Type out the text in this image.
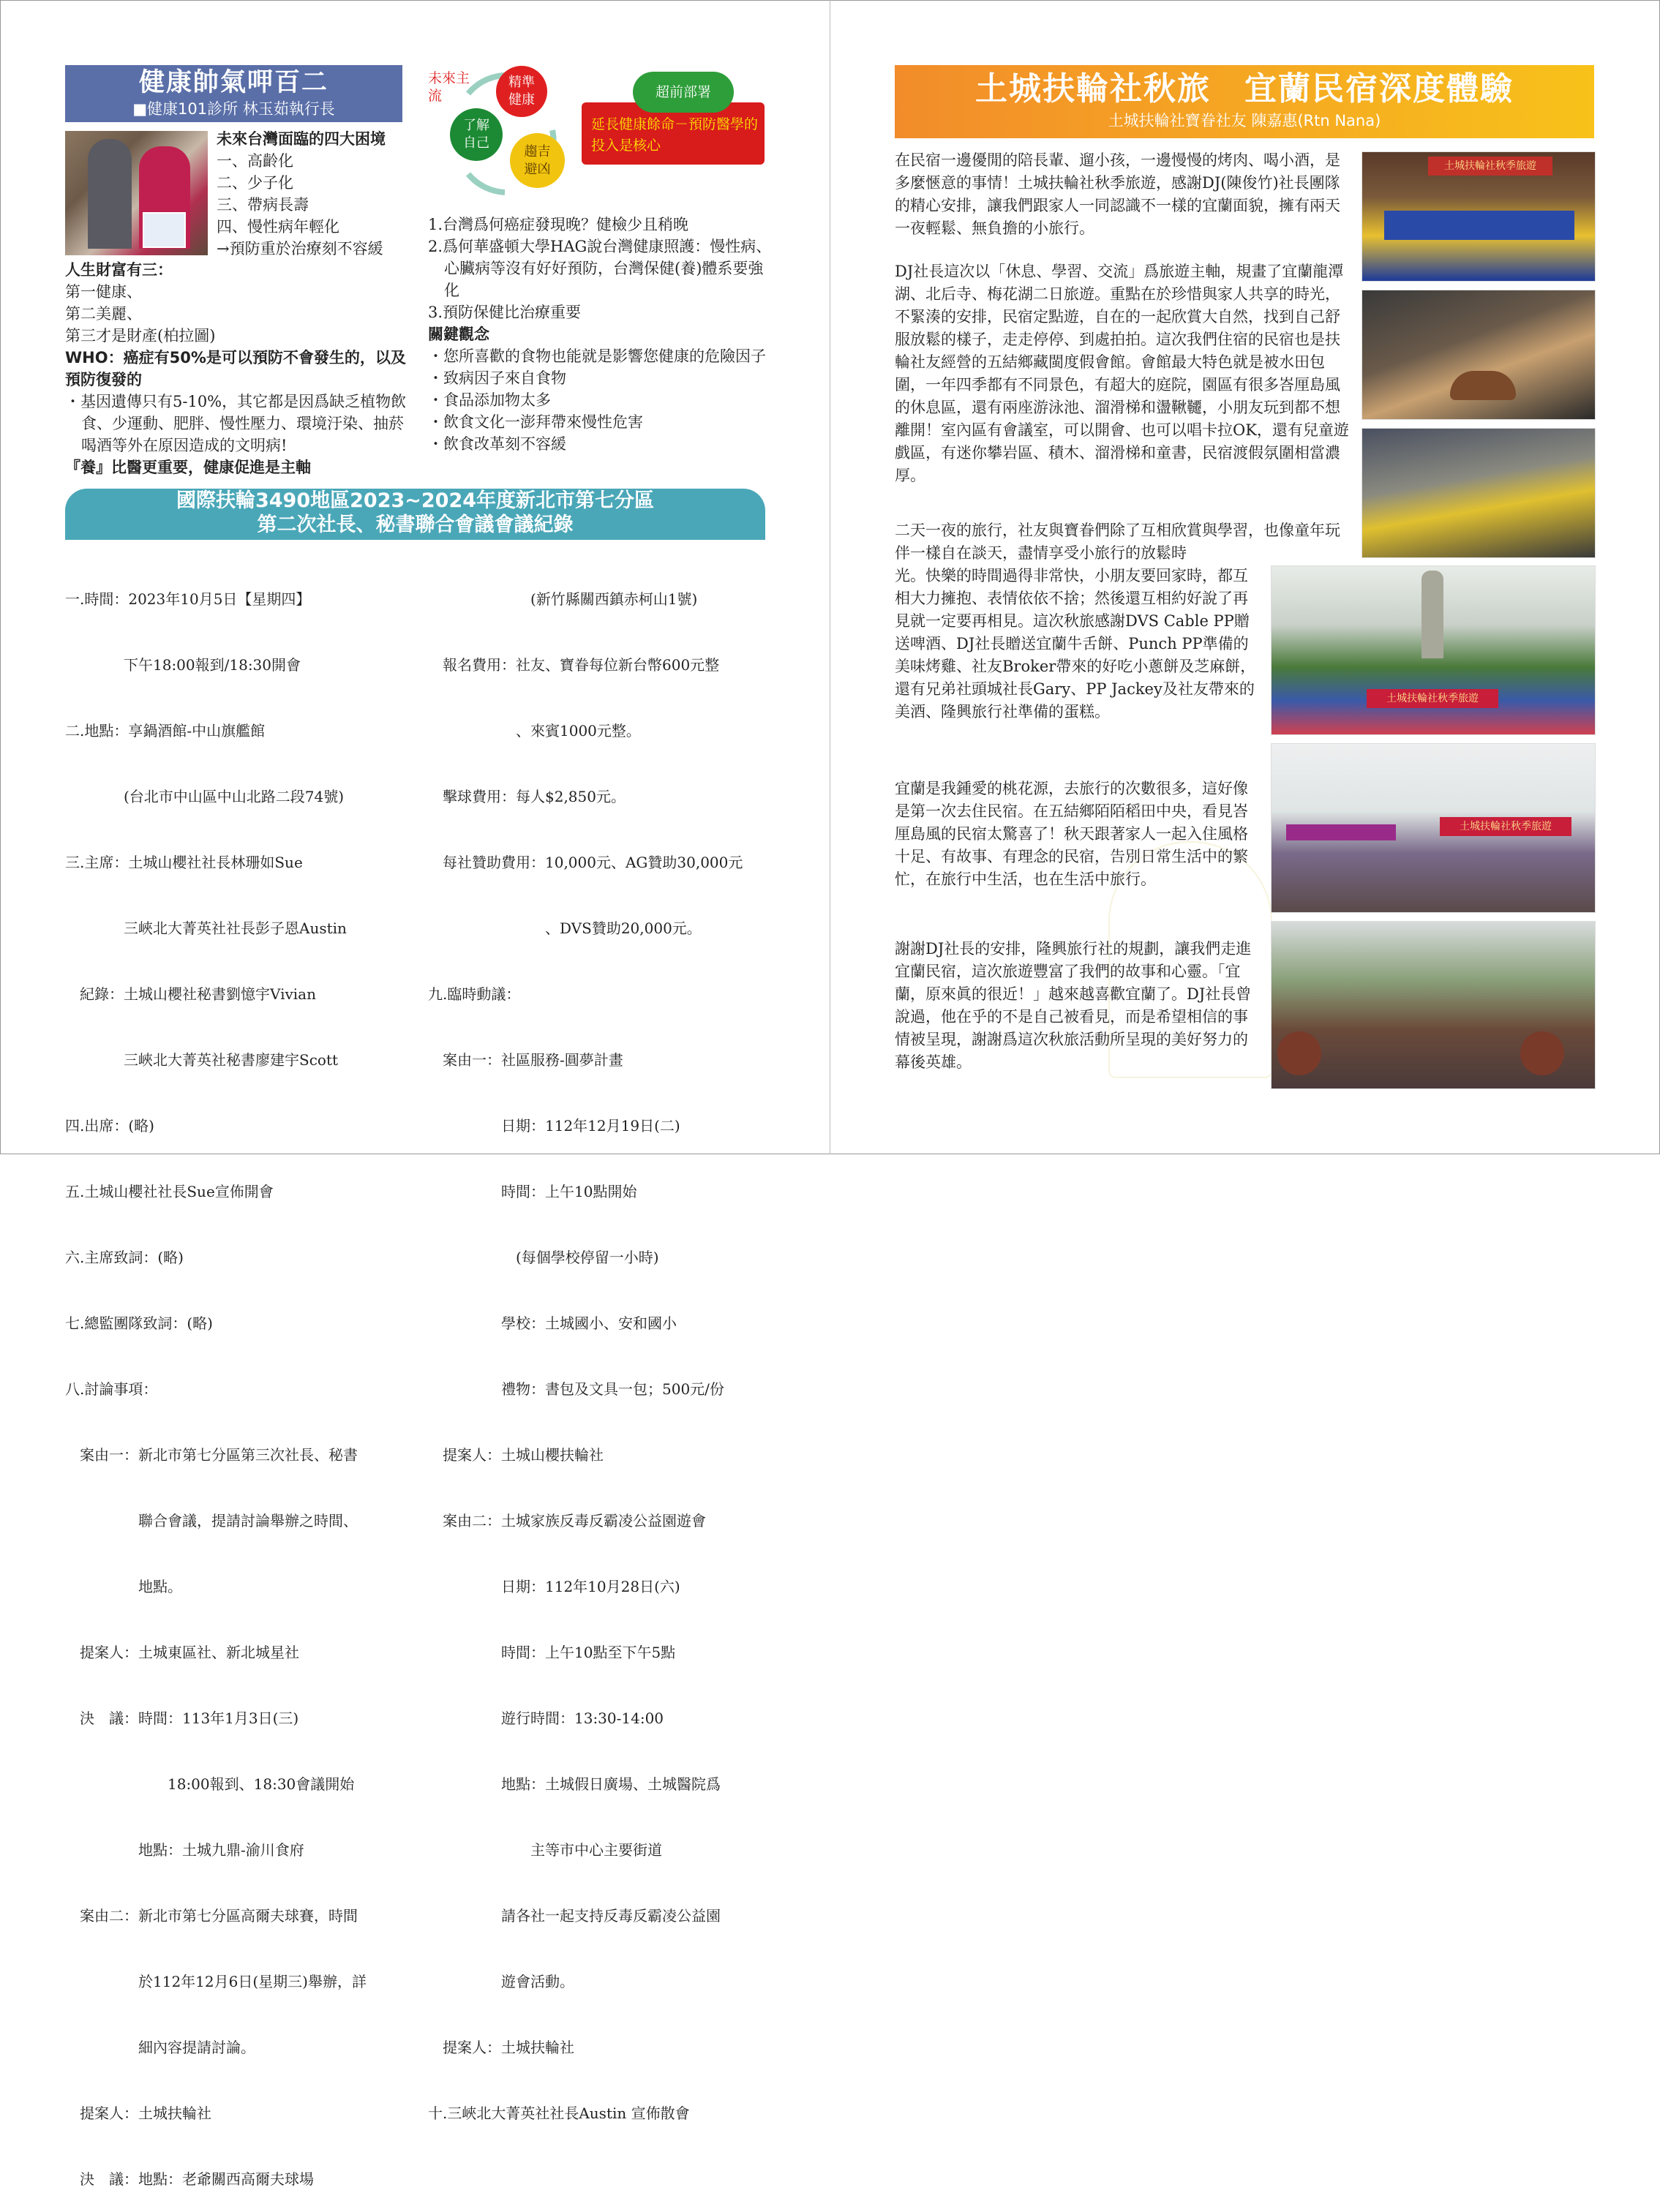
健康帥氣呷百二
■健康101診所 林玉茹執行長
未來台灣面臨的四大困境
一、高齡化
二、少子化
三、帶病長壽
四、慢性病年輕化
→預防重於治療刻不容緩
人生財富有三：
第一健康、
第二美麗、
第三才是財產(柏拉圖)
WHO：癌症有50%是可以預防不會發生的，以及預防復發的
・基因遺傳只有5-10%，其它都是因爲缺乏植物飲食、少運動、肥胖、慢性壓力、環境汙染、抽菸喝酒等外在原因造成的文明病!
『養』比醫更重要，健康促進是主軸
未來主流
精準健康
了解自己
趨吉避凶
延長健康餘命－預防醫學的投入是核心
超前部署
1.台灣爲何癌症發現晚？健檢少且稍晚
2.爲何華盛頓大學HAG說台灣健康照護：慢性病、心臟病等沒有好好預防，台灣保健(養)體系要強化
3.預防保健比治療重要
關鍵觀念
・您所喜歡的食物也能就是影響您健康的危險因子
・致病因子來自食物
・食品添加物太多
・飲食文化一澎拜帶來慢性危害
・飲食改革刻不容緩
國際扶輪3490地區2023~2024年度新北市第七分區
第二次社長、秘書聯合會議會議紀錄

一.時間：2023年10月5日【星期四】

　　　　下午18:00報到/18:30開會

二.地點：享鍋酒館-中山旗艦館

　　　　(台北市中山區中山北路二段74號)

三.主席：土城山櫻社社長林珊如Sue

　　　　三峽北大菁英社社長彭子恩Austin

　紀錄：土城山櫻社秘書劉憶宇Vivian

　　　　三峽北大菁英社秘書廖建宇Scott

四.出席：(略)

五.土城山櫻社社長Sue宣佈開會

六.主席致詞：(略)

七.總監團隊致詞：(略)

八.討論事項：

　案由一：新北市第七分區第三次社長、秘書

　　　　　聯合會議，提請討論舉辦之時間、

　　　　　地點。

　提案人：土城東區社、新北城星社

　決　議：時間：113年1月3日(三)

　　　　　　　18:00報到、18:30會議開始

　　　　　地點：土城九鼎-渝川食府

　案由二：新北市第七分區高爾夫球賽，時間

　　　　　於112年12月6日(星期三)舉辦，詳

　　　　　細內容提請討論。

　提案人：土城扶輪社

　決　議：地點：老爺關西高爾夫球場

　　　　　　　(新竹縣關西鎮赤柯山1號)

　報名費用：社友、寶眷每位新台幣600元整

　　　　　　、來賓1000元整。

　擊球費用：每人$2,850元。

　每社贊助費用：10,000元、AG贊助30,000元

　　　　　　　　、DVS贊助20,000元。

九.臨時動議：

　案由一：社區服務-圓夢計畫

　　　　　日期：112年12月19日(二)

　　　　　時間：上午10點開始

　　　　　　(每個學校停留一小時)

　　　　　學校：土城國小、安和國小

　　　　　禮物：書包及文具一包；500元/份

　提案人：土城山櫻扶輪社

　案由二：土城家族反毒反霸凌公益園遊會

　　　　　日期：112年10月28日(六)

　　　　　時間：上午10點至下午5點

　　　　　遊行時間：13:30-14:00

　　　　　地點：土城假日廣場、土城醫院爲

　　　　　　　主等市中心主要街道

　　　　　請各社一起支持反毒反霸凌公益園

　　　　　遊會活動。

　提案人：土城扶輪社

十.三峽北大菁英社社長Austin 宣佈散會

土城扶輪社秋旅　宜蘭民宿深度體驗
土城扶輪社寶眷社友 陳嘉惠(Rtn Nana)

在民宿一邊優閒的陪長輩、遛小孩，一邊慢慢的烤肉、喝小酒，是多麼愜意的事情！土城扶輪社秋季旅遊，感謝DJ(陳俊竹)社長團隊的精心安排，讓我們跟家人一同認識不一樣的宜蘭面貌，擁有兩天一夜輕鬆、無負擔的小旅行。

DJ社長這次以「休息、學習、交流」爲旅遊主軸，規畫了宜蘭龍潭湖、北后寺、梅花湖二日旅遊。重點在於珍惜與家人共享的時光，不緊湊的安排，民宿定點遊，自在的一起欣賞大自然，找到自己舒服放鬆的樣子，走走停停、到處拍拍。這次我們住宿的民宿也是扶輪社友經營的五結鄉藏閩度假會館。會館最大特色就是被水田包圍，一年四季都有不同景色，有超大的庭院，園區有很多峇厘島風的休息區，還有兩座游泳池、溜滑梯和盪鞦韆，小朋友玩到都不想離開！室內區有會議室，可以開會、也可以唱卡拉OK，還有兒童遊戲區，有迷你攀岩區、積木、溜滑梯和童書，民宿渡假氛圍相當濃厚。

二天一夜的旅行，社友與寶眷們除了互相欣賞與學習，也像童年玩伴一樣自在談天，盡情享受小旅行的放鬆時

光。快樂的時間過得非常快，小朋友要回家時，都互相大力擁抱、表情依依不捨；然後還互相約好說了再見就一定要再相見。這次秋旅感謝DVS Cable PP贈送啤酒、DJ社長贈送宜蘭牛舌餅、Punch PP準備的美味烤雞、社友Broker帶來的好吃小蔥餅及芝麻餅，還有兄弟社頭城社長Gary、PP Jackey及社友帶來的美酒、隆興旅行社準備的蛋糕。

宜蘭是我鍾愛的桃花源，去旅行的次數很多，這好像是第一次去住民宿。在五結鄉陌陌稻田中央，看見峇厘島風的民宿太驚喜了！秋天跟著家人一起入住風格十足、有故事、有理念的民宿，告別日常生活中的繁忙，在旅行中生活，也在生活中旅行。

謝謝DJ社長的安排，隆興旅行社的規劃，讓我們走進宜蘭民宿，這次旅遊豐富了我們的故事和心靈。「宜蘭，原來眞的很近！」越來越喜歡宜蘭了。DJ社長曾說過，他在乎的不是自己被看見，而是希望相信的事情被呈現，謝謝爲這次秋旅活動所呈現的美好努力的幕後英雄。

土城扶輪社秋季旅遊
土城扶輪社秋季旅遊
土城扶輪社秋季旅遊
